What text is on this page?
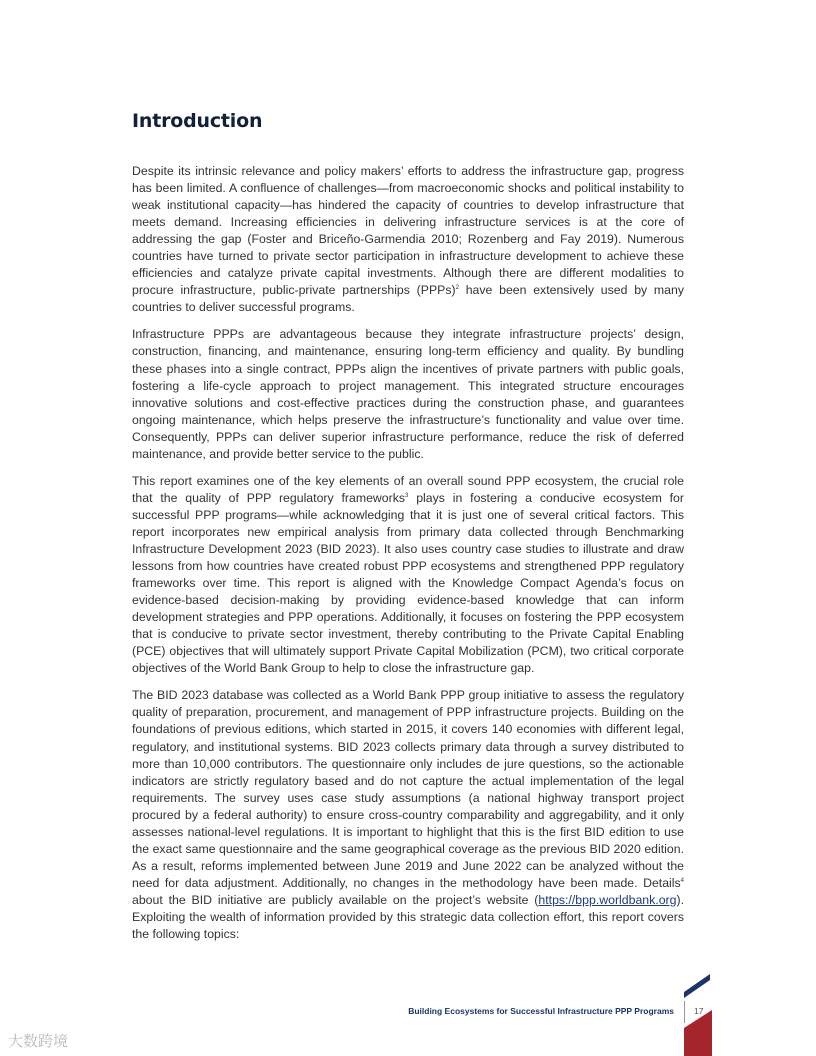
Introduction

Despite its intrinsic relevance and policy makers’ efforts to address the infrastructure gap, progress has been limited. A confluence of challenges—from macroeconomic shocks and political instability to weak institutional capacity—has hindered the capacity of countries to develop infrastructure that meets demand. Increasing efficiencies in delivering infrastructure services is at the core of addressing the gap (Foster and Briceño-Garmendia 2010; Rozenberg and Fay 2019). Numerous countries have turned to private sector participation in infrastructure development to achieve these efficiencies and catalyze private capital investments. Although there are different modalities to procure infrastructure, public-private partnerships (PPPs)$^2$ have been extensively used by many countries to deliver successful programs.

Infrastructure PPPs are advantageous because they integrate infrastructure projects’ design, construction, financing, and maintenance, ensuring long-term efficiency and quality. By bundling these phases into a single contract, PPPs align the incentives of private partners with public goals, fostering a life-cycle approach to project management. This integrated structure encourages innovative solutions and cost-effective practices during the construction phase, and guarantees ongoing maintenance, which helps preserve the infrastructure’s functionality and value over time. Consequently, PPPs can deliver superior infrastructure performance, reduce the risk of deferred maintenance, and provide better service to the public.

This report examines one of the key elements of an overall sound PPP ecosystem, the crucial role that the quality of PPP regulatory frameworks$^3$ plays in fostering a conducive ecosystem for successful PPP programs—while acknowledging that it is just one of several critical factors. This report incorporates new empirical analysis from primary data collected through Benchmarking Infrastructure Development 2023 (BID 2023). It also uses country case studies to illustrate and draw lessons from how countries have created robust PPP ecosystems and strengthened PPP regulatory frameworks over time. This report is aligned with the Knowledge Compact Agenda’s focus on evidence-based decision-making by providing evidence-based knowledge that can inform development strategies and PPP operations. Additionally, it focuses on fostering the PPP ecosystem that is conducive to private sector investment, thereby contributing to the Private Capital Enabling (PCE) objectives that will ultimately support Private Capital Mobilization (PCM), two critical corporate objectives of the World Bank Group to help to close the infrastructure gap.

The BID 2023 database was collected as a World Bank PPP group initiative to assess the regulatory quality of preparation, procurement, and management of PPP infrastructure projects. Building on the foundations of previous editions, which started in 2015, it covers 140 economies with different legal, regulatory, and institutional systems. BID 2023 collects primary data through a survey distributed to more than 10,000 contributors. The questionnaire only includes de jure questions, so the actionable indicators are strictly regulatory based and do not capture the actual implementation of the legal requirements. The survey uses case study assumptions (a national highway transport project procured by a federal authority) to ensure cross-country comparability and aggregability, and it only assesses national-level regulations. It is important to highlight that this is the first BID edition to use the exact same questionnaire and the same geographical coverage as the previous BID 2020 edition. As a result, reforms implemented between June 2019 and June 2022 can be analyzed without the need for data adjustment. Additionally, no changes in the methodology have been made. Details$^4$ about the BID initiative are publicly available on the project’s website (https://bpp.worldbank.org). Exploiting the wealth of information provided by this strategic data collection effort, this report covers the following topics:

Building Ecosystems for Successful Infrastructure PPP Programs 17
大数跨境
